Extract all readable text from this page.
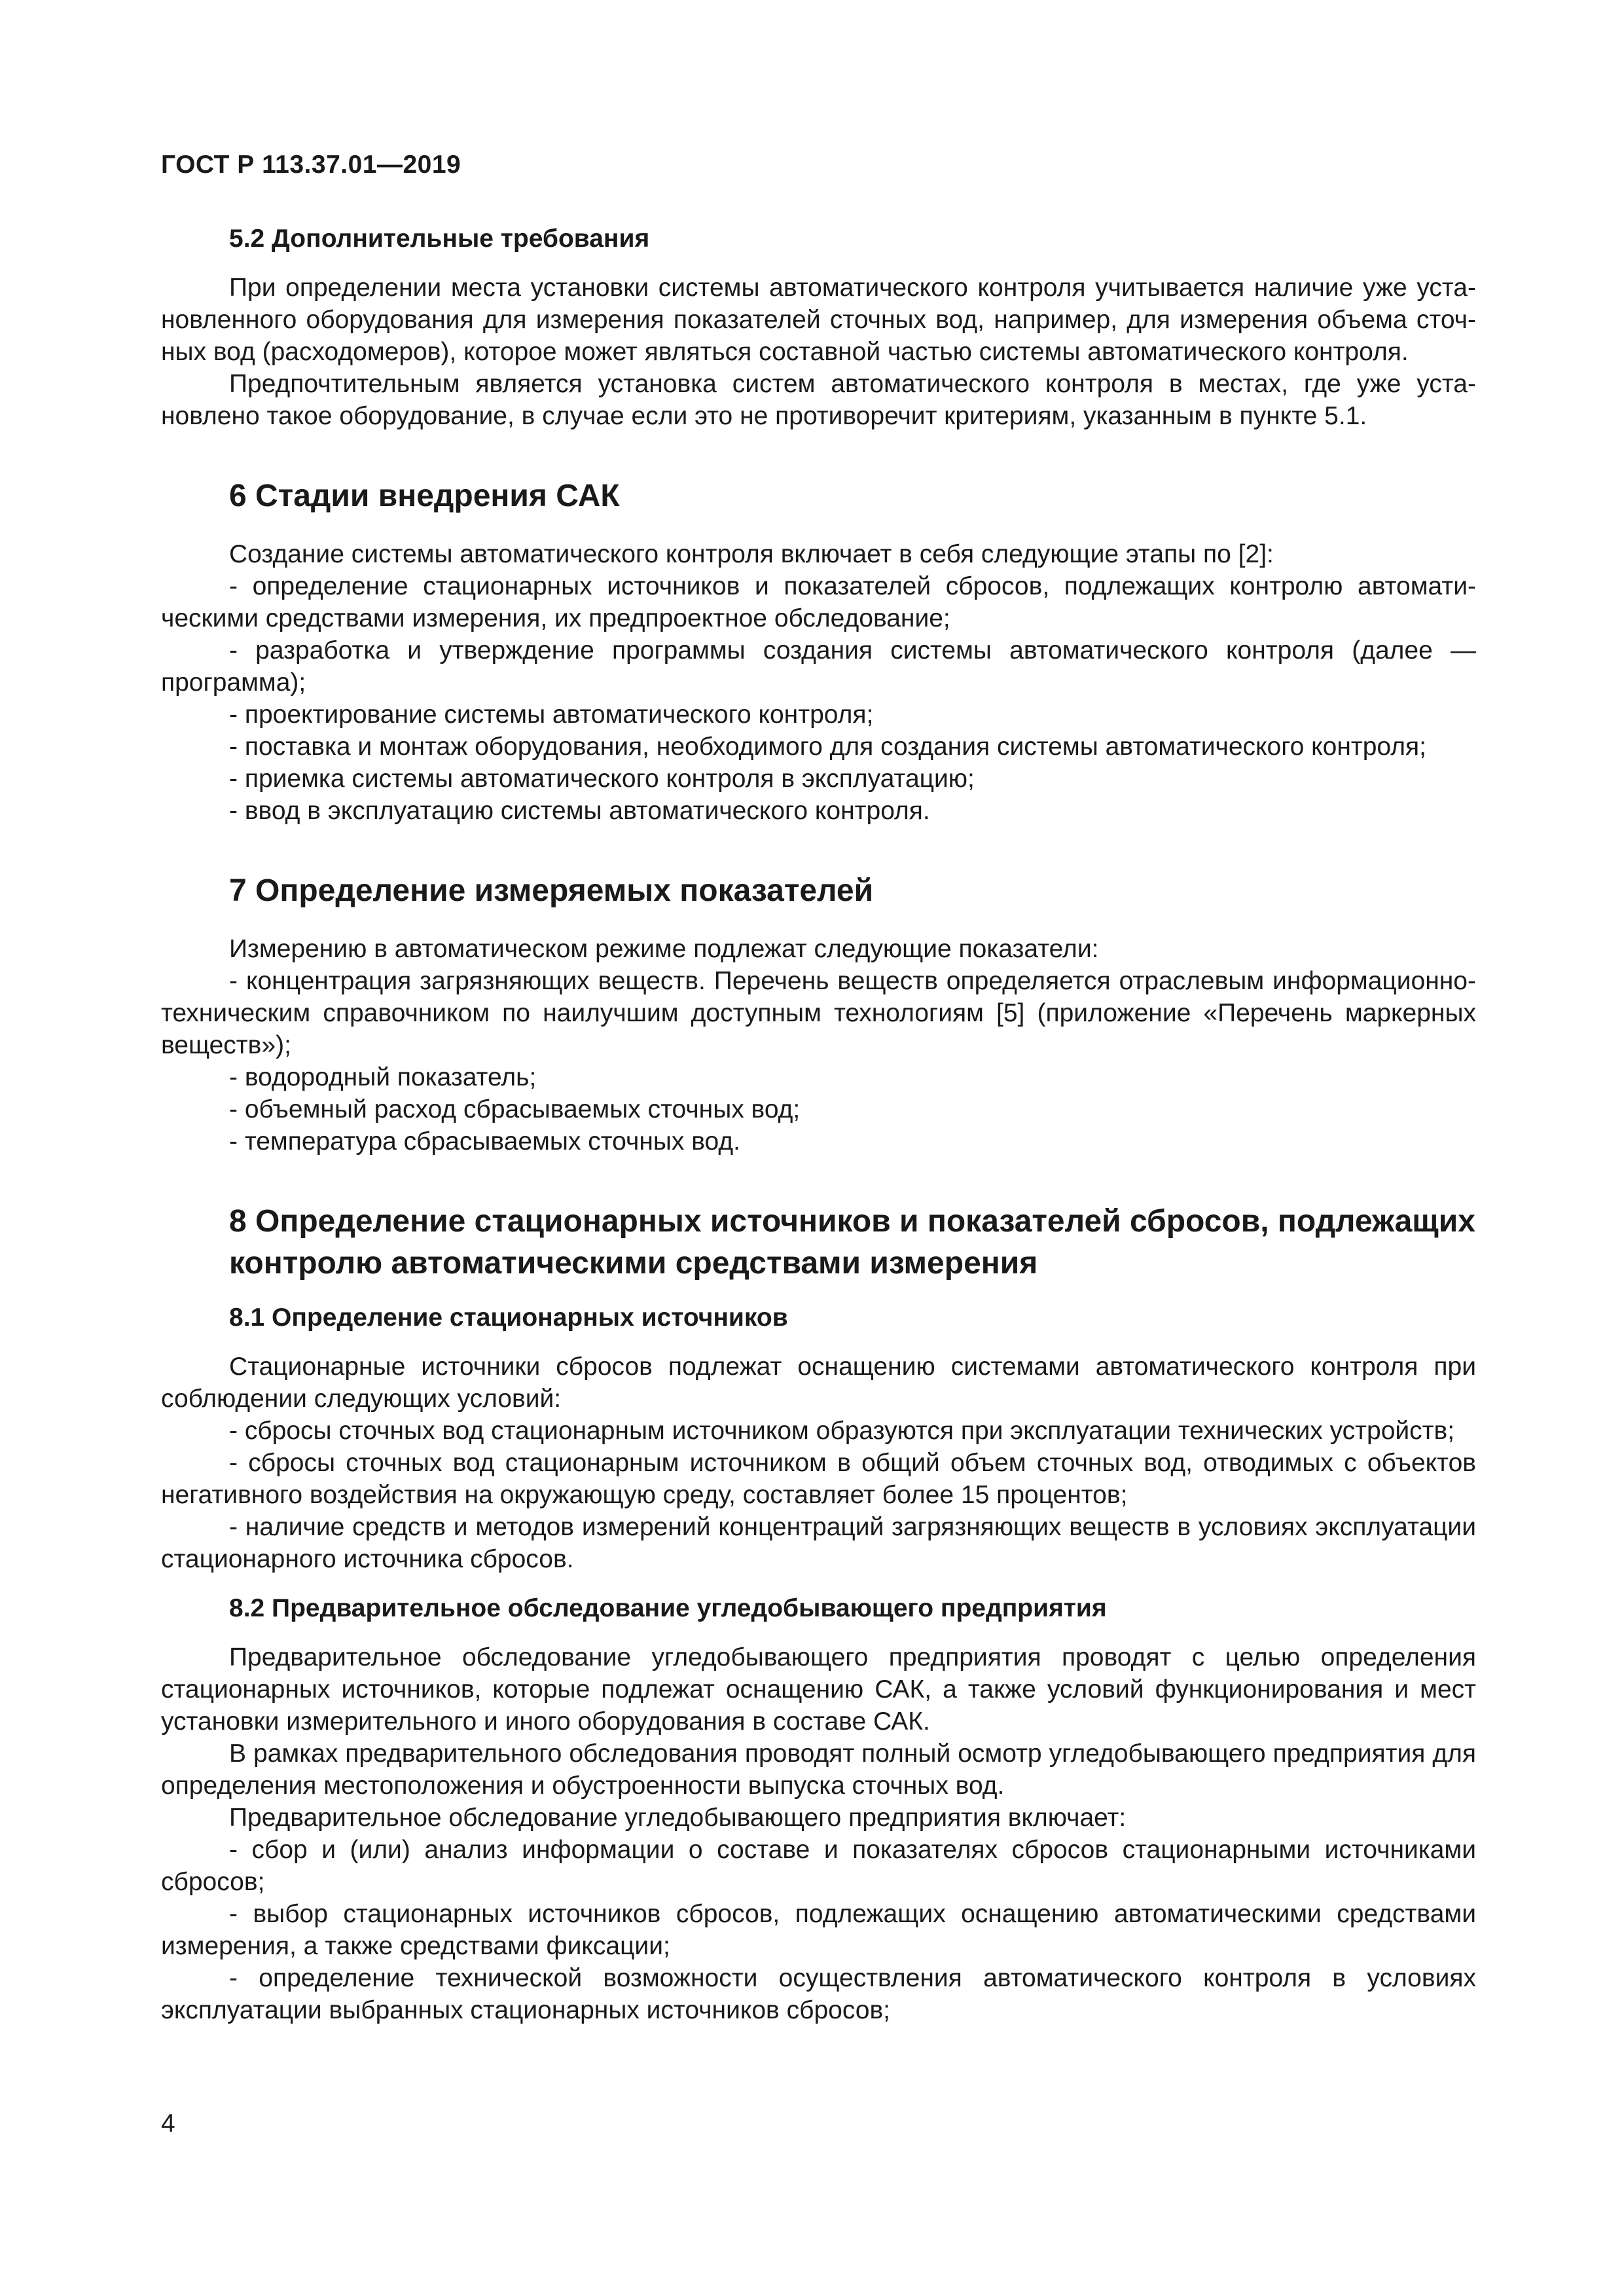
ГОСТ Р 113.37.01—2019
5.2 Дополнительные требования

При определении места установки системы автоматического контроля учитывается наличие уже установленного оборудования для измерения показателей сточных вод, например, для измерения объема сточных вод (расходомеров), которое может являться составной частью системы автоматического контроля.

Предпочтительным является установка систем автоматического контроля в местах, где уже установлено такое оборудование, в случае если это не противоречит критериям, указанным в пункте 5.1.

6 Стадии внедрения САК

Создание системы автоматического контроля включает в себя следующие этапы по [2]:

- определение стационарных источников и показателей сбросов, подлежащих контролю автоматическими средствами измерения, их предпроектное обследование;

- разработка и утверждение программы создания системы автоматического контроля (далее — программа);

- проектирование системы автоматического контроля;

- поставка и монтаж оборудования, необходимого для создания системы автоматического контроля;

- приемка системы автоматического контроля в эксплуатацию;

- ввод в эксплуатацию системы автоматического контроля.

7 Определение измеряемых показателей

Измерению в автоматическом режиме подлежат следующие показатели:

- концентрация загрязняющих веществ. Перечень веществ определяется отраслевым информационно-техническим справочником по наилучшим доступным технологиям [5] (приложение «Перечень маркерных веществ»);

- водородный показатель;

- объемный расход сбрасываемых сточных вод;

- температура сбрасываемых сточных вод.

8 Определение стационарных источников и показателей сбросов, подлежащих
контролю автоматическими средствами измерения
8.1 Определение стационарных источников

Стационарные источники сбросов подлежат оснащению системами автоматического контроля при соблюдении следующих условий:

- сбросы сточных вод стационарным источником образуются при эксплуатации технических устройств;

- сбросы сточных вод стационарным источником в общий объем сточных вод, отводимых с объектов негативного воздействия на окружающую среду, составляет более 15 процентов;

- наличие средств и методов измерений концентраций загрязняющих веществ в условиях эксплуатации стационарного источника сбросов.

8.2 Предварительное обследование угледобывающего предприятия

Предварительное обследование угледобывающего предприятия проводят с целью определения стационарных источников, которые подлежат оснащению САК, а также условий функционирования и мест установки измерительного и иного оборудования в составе САК.

В рамках предварительного обследования проводят полный осмотр угледобывающего предприятия для определения местоположения и обустроенности выпуска сточных вод.

Предварительное обследование угледобывающего предприятия включает:

- сбор и (или) анализ информации о составе и показателях сбросов стационарными источниками сбросов;

- выбор стационарных источников сбросов, подлежащих оснащению автоматическими средствами измерения, а также средствами фиксации;

- определение технической возможности осуществления автоматического контроля в условиях эксплуатации выбранных стационарных источников сбросов;

4
